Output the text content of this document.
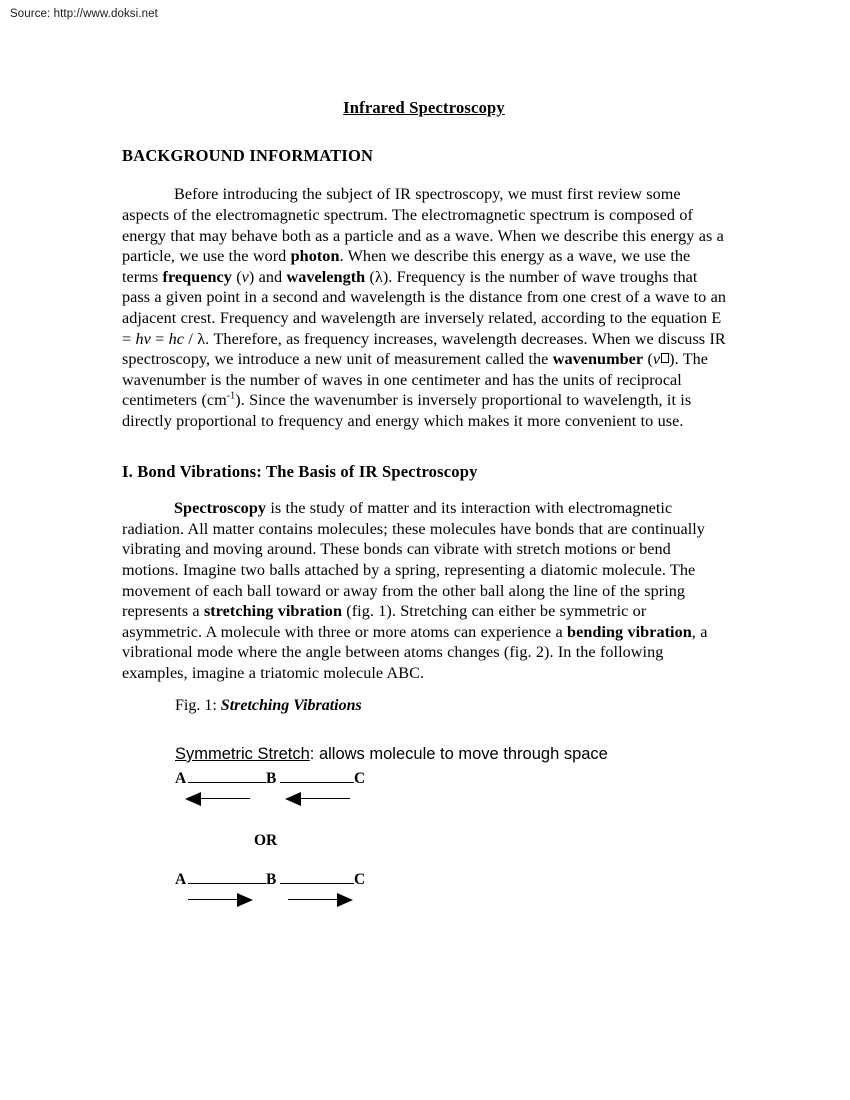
Source: http://www.doksi.net
Infrared Spectroscopy
BACKGROUND INFORMATION

Before introducing the subject of IR spectroscopy, we must first review some aspects of the electromagnetic spectrum. The electromagnetic spectrum is composed of energy that may behave both as a particle and as a wave. When we describe this energy as a particle, we use the word photon. When we describe this energy as a wave, we use the terms frequency (v) and wavelength (λ). Frequency is the number of wave troughs that pass a given point in a second and wavelength is the distance from one crest of a wave to an adjacent crest. Frequency and wavelength are inversely related, according to the equation E = hv = hc / λ. Therefore, as frequency increases, wavelength decreases. When we discuss IR spectroscopy, we introduce a new unit of measurement called the wavenumber (v ). The wavenumber is the number of waves in one centimeter and has the units of reciprocal centimeters $(cm^{-1})$. Since the wavenumber is inversely proportional to wavelength, it is directly proportional to frequency and energy which makes it more convenient to use.

I. Bond Vibrations: The Basis of IR Spectroscopy

Spectroscopy is the study of matter and its interaction with electromagnetic radiation. All matter contains molecules; these molecules have bonds that are continually vibrating and moving around. These bonds can vibrate with stretch motions or bend motions. Imagine two balls attached by a spring, representing a diatomic molecule. The movement of each ball toward or away from the other ball along the line of the spring represents a stretching vibration (fig. 1). Stretching can either be symmetric or asymmetric. A molecule with three or more atoms can experience a bending vibration, a vibrational mode where the angle between atoms changes (fig. 2). In the following examples, imagine a triatomic molecule ABC.

Fig. 1: Stretching Vibrations
Symmetric Stretch: allows molecule to move through space
A	B	C
OR
A	B	C
